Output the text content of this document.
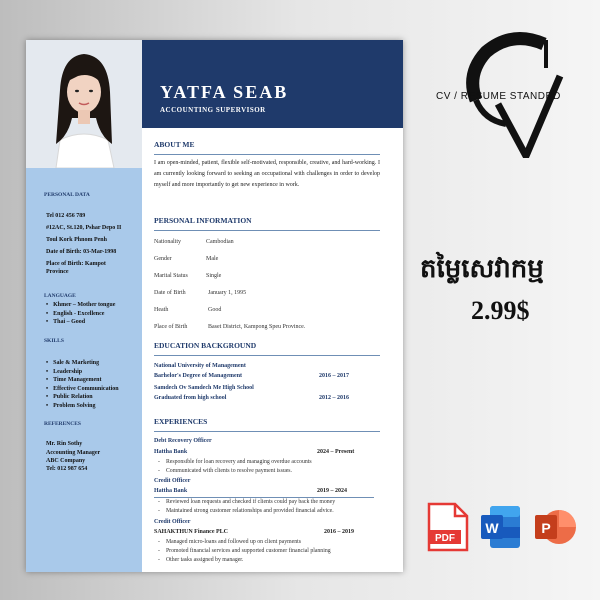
YATFA SEAB
ACCOUNTING SUPERVISOR
PERSONAL DATA
Tel 012 456 789
#12AC, St.120, Pshar Depo II
Toul Kork Phnom Penh
Date of Birth: 03-Mar-1998
Place of Birth: Kampot
Province
LANGUAGE
• Khmer – Mother tongue
• English - Excellence
• Thai – Good
SKILLS
• Sale & Marketing
• Leadership
• Time Management
• Effective Communication
• Public Relation
• Problem Solving
REFERENCES
Mr. Rin Sothy
Accounting Manager
ABC Company
Tel: 012 987 654
ABOUT ME
I am open-minded, patient, flexible self-motivated, responsible, creative, and hard-working. I am currently looking forward to seeking an occupational with challenges in order to develop myself and more importantly to get new experience in work.
PERSONAL INFORMATION
Nationality	Cambodian
Gender	Male
Marital Status	Single
Date of Birth	January 1, 1995
Heath	Good
Place of Birth	Baset District, Kampong Speu Province.
EDUCATION BACKGROUND
National University of Management
Barhelor's Degree of Management	2016 – 2017
Samdech Ov Samdech Me High School
Graduated from high school	2012 – 2016
EXPERIENCES
Debt Recovery Officer
Hattha Bank	2024 – Present
- Responsible for loan recovery and managing overdue accounts
- Communicated with clients to resolve payment issues.
Credit Officer
Hattha Bank	2019 – 2024
- Reviewed loan requests and checked if clients could pay back the money
- Maintained strong customer relationships and provided financial advice.
Credit Officer
SAHAKTHUN Finance PLC	2016 – 2019
- Managed micro-loans and followed up on client payments
- Promoted financial services and supported customer financial planning
- Other tasks assigned by manager.
CV / RESUME STANDRD
តម្លៃសេវាកម្ម
2.99$
PDF
W	P
